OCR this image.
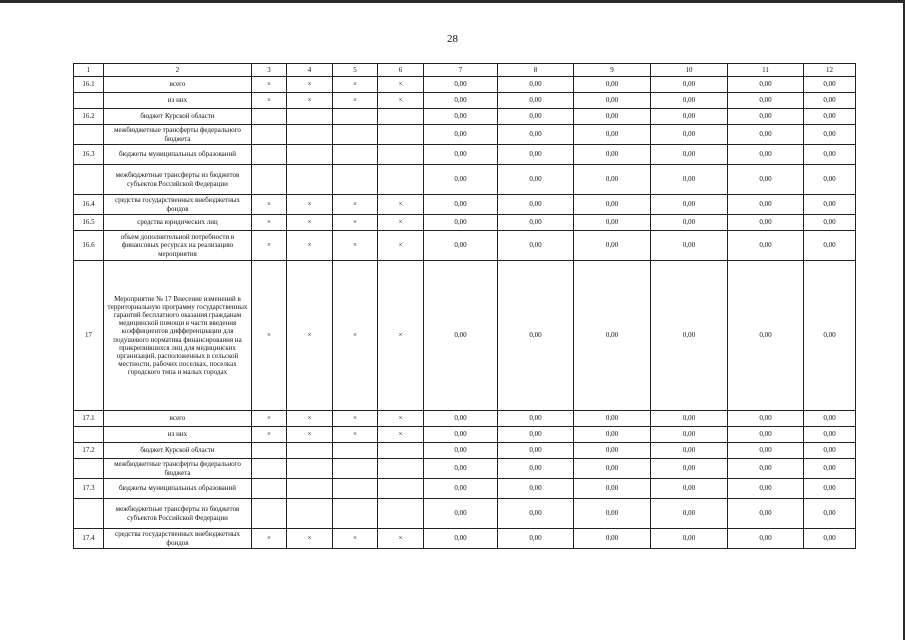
28
1	2	3	4	5	6	7	8	9	10	11	12
16.1	всего	×	×	×	×	0,00	0,00	0,00	0,00	0,00	0,00
	из них	×	×	×	×	0,00	0,00	0,00	0,00	0,00	0,00
16.2	бюджет Курской области					0,00	0,00	0,00	0,00	0,00	0,00
	межбюджетные трансферты федерального бюджета					0,00	0,00	0,00	0,00	0,00	0,00
16.3	бюджеты муниципальных образований					0,00	0,00	0,00	0,00	0,00	0,00
	межбюджетные трансферты из бюджетов субъектов Российской Федерации					0,00	0,00	0,00	0,00	0,00	0,00
16.4	средства государственных внебюджетных фондов	×	×	×	×	0,00	0,00	0,00	0,00	0,00	0,00
16.5	средства юридических лиц	×	×	×	×	0,00	0,00	0,00	0,00	0,00	0,00
16.6	объем дополнительной потребности в финансовых ресурсах на реализацию мероприятия	×	×	×	×	0,00	0,00	0,00	0,00	0,00	0,00
17	Мероприятие № 17 Внесение изменений в территориальную программу государственных гарантий бесплатного оказания гражданам медицинской помощи в части введения коэффициентов дифференциации для подушевого норматива финансирования на прикрепившихся лиц для медицинских организаций, расположенных в сельской местности, рабочих поселках, поселках городского типа и малых городах	×	×	×	×	0,00	0,00	0,00	0,00	0,00	0,00
17.1	всего	×	×	×	×	0,00	0,00	0,00	0,00	0,00	0,00
	из них	×	×	×	×	0,00	0,00	0,00	0,00	0,00	0,00
17.2	бюджет Курской области					0,00	0,00	0,00	0,00	0,00	0,00
	межбюджетные трансферты федерального бюджета					0,00	0,00	0,00	0,00	0,00	0,00
17.3	бюджеты муниципальных образований					0,00	0,00	0,00	0,00	0,00	0,00
	межбюджетные трансферты из бюджетов субъектов Российской Федерации					0,00	0,00	0,00	0,00	0,00	0,00
17.4	средства государственных внебюджетных фондов	×	×	×	×	0,00	0,00	0,00	0,00	0,00	0,00
